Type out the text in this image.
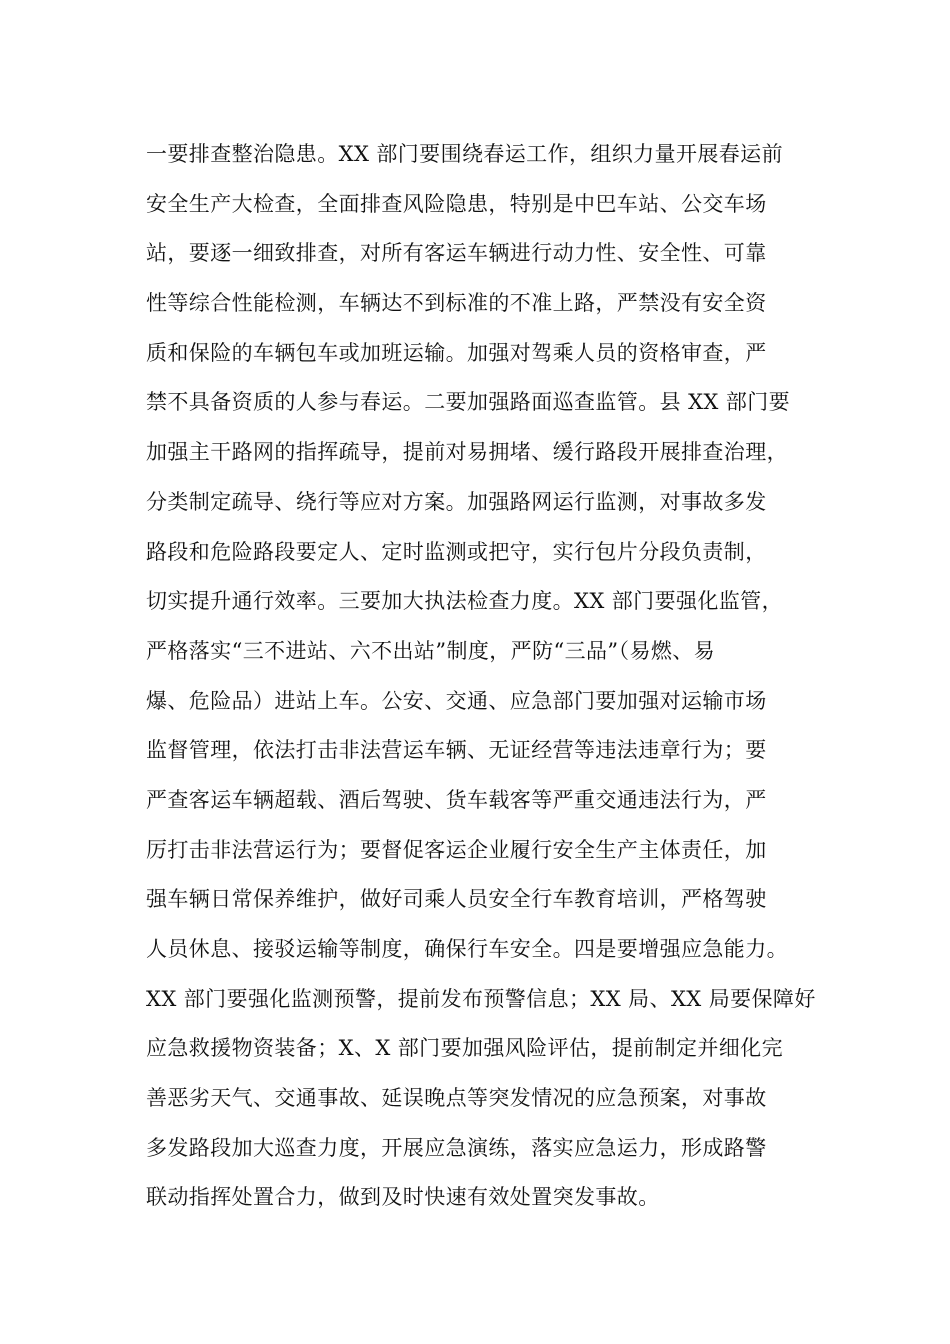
一要排查整治隐患。XX 部门要围绕春运工作，组织力量开展春运前
安全生产大检查，全面排查风险隐患，特别是中巴车站、公交车场
站，要逐一细致排查，对所有客运车辆进行动力性、安全性、可靠
性等综合性能检测，车辆达不到标准的不准上路，严禁没有安全资
质和保险的车辆包车或加班运输。加强对驾乘人员的资格审查，严
禁不具备资质的人参与春运。二要加强路面巡查监管。县 XX 部门要
加强主干路网的指挥疏导，提前对易拥堵、缓行路段开展排查治理，
分类制定疏导、绕行等应对方案。加强路网运行监测，对事故多发
路段和危险路段要定人、定时监测或把守，实行包片分段负责制，
切实提升通行效率。三要加大执法检查力度。XX 部门要强化监管，
严格落实“三不进站、六不出站”制度，严防“三品”（易燃、易
爆、危险品）进站上车。公安、交通、应急部门要加强对运输市场
监督管理，依法打击非法营运车辆、无证经营等违法违章行为；要
严查客运车辆超载、酒后驾驶、货车载客等严重交通违法行为，严
厉打击非法营运行为；要督促客运企业履行安全生产主体责任，加
强车辆日常保养维护，做好司乘人员安全行车教育培训，严格驾驶
人员休息、接驳运输等制度，确保行车安全。四是要增强应急能力。
XX 部门要强化监测预警，提前发布预警信息；XX 局、XX 局要保障好
应急救援物资装备；X、X 部门要加强风险评估，提前制定并细化完
善恶劣天气、交通事故、延误晚点等突发情况的应急预案，对事故
多发路段加大巡查力度，开展应急演练，落实应急运力，形成路警
联动指挥处置合力，做到及时快速有效处置突发事故。
